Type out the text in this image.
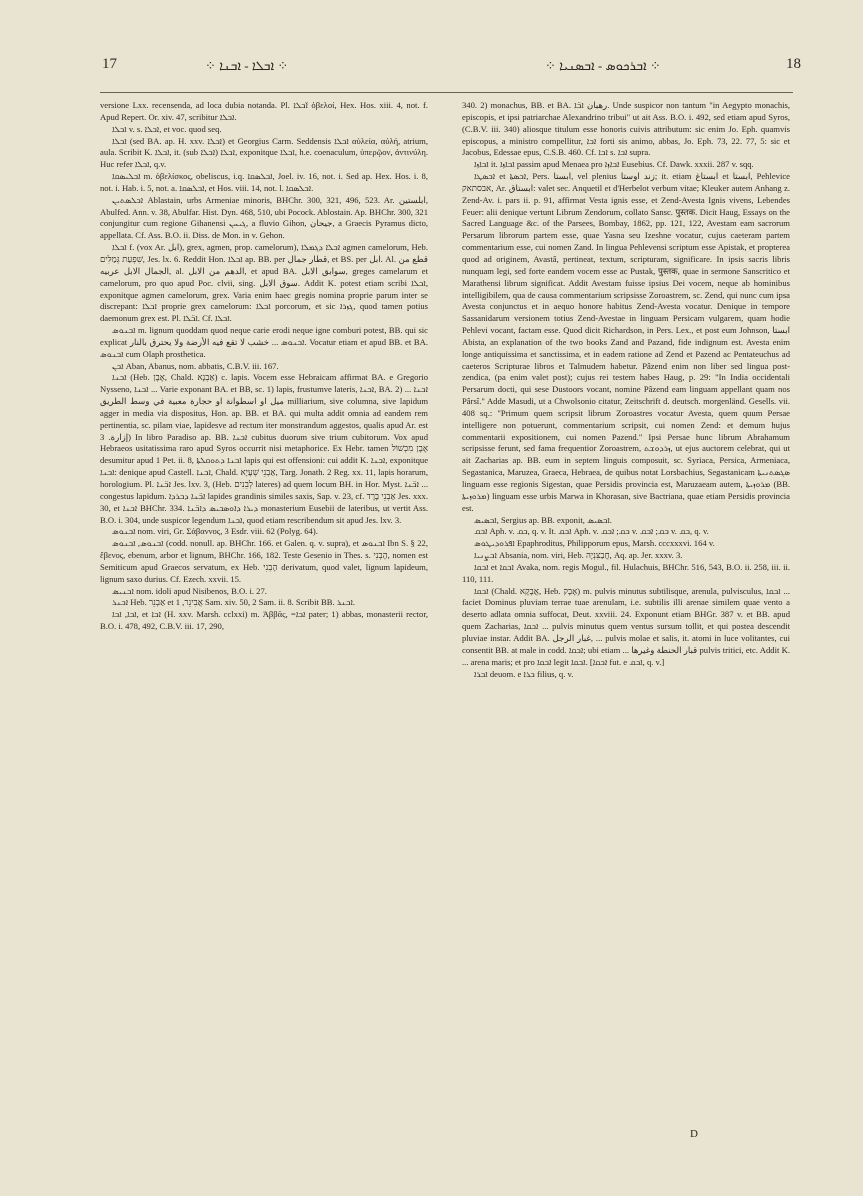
17	⁘ ܐܒܠܐ - ܐܒܢܐ ⁘	⁘ ܐܒܪܟܘܣ - ܐܒܣܢܝܐ ⁘	18

versione Lxx. recensenda, ad loca dubia notanda. Pl. ܐ̈ܒܠܐ ὀβελοί, Hex. Hos. xiii. 4, not. f. Apud Repert. Or. xiv. 47, scribitur ܐܒܠܐ.

ܐܒܠܐ v. s. ܐܒܠܐ, et voc. quod seq.

ܐܒܠܐ (sed BA. ap. H. xxv. ܐܒܠܐ) et Georgius Carm. Seddensis ܐܒܠܐ αὐλεία, αὐλή, atrium, aula. Scribit K. ܐܒܠܐ, it. (sub ܐܒܠܐ) ܐܒܠܐ, exponitque ܐܒܠܐ, h.e. coenaculum, ὑπερῷον, ἀντινύλη. Huc refer ܐܒܠܐ, q.v.

ܐܒܠܝܣܩܐ m. ὀβελίσκος, obeliscus, i.q. ܐܒܠܣܩܐ, Joel. iv. 16, not. i. Sed ap. Hex. Hos. i. 8, not. i. Hab. i. 5, not. a. ܐܒܠܣܩܐ, et Hos. viii. 14, not. l. ܐܒܠܣܩܐ.

ܐܒܠܣܬܝܢ Ablastain, urbs Armeniae minoris, BHChr. 300, 321, 496, 523. Ar. ابلستين, Abulfed. Ann. v. 38, Abulfar. Hist. Dyn. 468, 510, ubi Pocock. Ablostain. Ap. BHChr. 300, 321 conjungitur cum regione Gihanensi ܓܝܚܢ, a fluvio Gihon, جيحان, a Graecis Pyramus dicto, appellata. Cf. Ass. B.O. ii. Diss. de Mon. in v. Gehon.

ܐܒܠܐ f. (vox Ar. ابل), grex, agmen, prop. camelorum), ܐܒܠܐ ܕܓܡܠܐ agmen camelorum, Heb. שִׁפְעַת גְּמַלִּים, Jes. lx. 6. Reddit Hon. ܐܒܠܐ ap. BB. per قطار جمال, et BS. per ابل. Al. قطع من الجمال الابل عربيه, al. الدهم من الابل, et apud BA. سوابق الابل, greges camelarum et camelorum, pro quo apud Poc. clvii, sing. سوق الابل. Addit K. potest etiam scribi ܐܒܠܐ, exponitque agmen camelorum, grex. Varia enim haec gregis nomina proprie parum inter se discrepant: ܐܒܠܐ proprie grex camelorum: ܐܒܠܐ porcorum, et sic ܓܙܪܐ, quod tamen potius daemonum grex est. Pl. ܐܒ̈ܠܐ. Cf. ܐܒܠܐ.

ܐܒܢܘܣ m. lignum quoddam quod neque carie erodi neque igne comburi potest, BB. qui sic explicat ܐܒܢܘܣ ... خشب لا تقع فيه الأرضة ولا يحترق بالنار. Vocatur etiam et apud BB. et BA. ܐܒܢܘܣ cum Olaph prosthetica.

ܐܒܢ Aban, Abanus, nom. abbatis, C.B.V. iii. 167.

ܐܒܢܐ (Heb. אֶבֶן, Chald. אַבְנָא) c. lapis. Vocem esse Hebraicam affirmat BA. e Gregorio Nysseno, ܐܒܢܐ ... Varie exponant BA. et BB, sc. 1) lapis, frustumve lateris, ܐܒܢܐ, BA. 2) ܐܒܢܐ ... ميل او اسطوانة او حجارة معبية في وسط الطريق milliarium, sive columna, sive lapidum agger in media via dispositus, Hon. ap. BB. et BA. qui multa addit omnia ad eandem rem pertinentia, sc. pilam viae, lapidesve ad rectum iter monstrandum aggestos, qualis apud Ar. est إزارة. 3) In libro Paradiso ap. BB. ܐܒܢܐ cubitus duorum sive trium cubitorum. Vox apud Hebraeos usitatissima raro apud Syros occurrit nisi metaphorice. Ex Hebr. tamen אֶבֶן מִכְשׁוֹל desumitur apud 1 Pet. ii. 8, ܐܒܢܐ ܕܬܘܩܠܬܐ lapis qui est offensioni: cui addit K. ܐܒܢܐ, exponitque ܐܒܢܐ: denique apud Castell. ܐܒܢܐ, Chald. אַבְנֵי שְׁעָיָא, Targ. Jonath. 2 Reg. xx. 11, lapis horarum, horologium. Pl. ܐܒ̈ܢܐ Jes. lxv. 3, (Heb. לְבֵנִים lateres) ad quem locum BH. in Hor. Myst. ܐܒ̈ܢܐ ... congestus lapidum. ܐܒ̈ܢܐ ܕܒܪܕܐ lapides grandinis similes saxis, Sap. v. 23, cf. אַבְנֵי בָרָד Jes. xxx. 30, et ܐܒܢܐ BHChr. 334. ܕܝܪܐ ܕܐܘܣܒܝܣ ܕܐܒ̈ܢܐ monasterium Eusebii de lateribus, ut vertit Ass. B.O. i. 304, unde suspicor legendum ܐܒܢܐ, quod etiam rescribendum sit apud Jes. lxv. 3.

ܐܒܢܘܣ nom. viri, Gr. Σάβαννος, 3 Esdr. viii. 62 (Polyg. 64).

ܐܒܢܘܣ, ܐܒܢܘܣ (codd. nonull. ap. BHChr. 166. et Galen. q. v. supra), et ܐܒܢܘܣ Ibn S. § 22, ἔβενος, ebenum, arbor et lignum, BHChr. 166, 182. Teste Gesenio in Thes. s. הָבְנִי, nomen est Semiticum apud Graecos servatum, ex Heb. הָבְנִי derivatum, quod valet, lignum lapideum, lignum saxo durius. Cf. Ezech. xxvii. 15.

ܐܒܢܝܣ nom. idoli apud Nisibenos, B.O. i. 27.

ܐܒܢܪ Heb. אַבְנֵר et אֲבִינֵר, 1 Sam. xiv. 50, 2 Sam. ii. 8. Scribit BB. ܐܒܢܪ.

ܐܒܐ, ܐܒܐ, et ܐܒܐ (H. xxv. Marsh. cclxxi) m. Ἀββᾶς, =ܐܒܐ pater; 1) abbas, monasterii rector, B.O. i. 478, 492, C.B.V. iii. 17, 290,

340. 2) monachus, BB. et BA. رهبان ܐܒ̈ܐ. Unde suspicor non tantum "in Aegypto monachis, episcopis, et ipsi patriarchae Alexandrino tribui" ut ait Ass. B.O. i. 492, sed etiam apud Syros, (C.B.V. iii. 340) aliosque titulum esse honoris cuivis attributum: sic enim Jo. Eph. quamvis episcopus, a ministro compellitur, ܐܒܐ forti sis animo, abbas, Jo. Eph. 73, 22. 77, 5: sic et Jacobus, Edessae epus, C.S.B. 460. Cf. ܐܒܐ s. ܐܒܐ supra.

ܐܒܐܙܐ it. ܐܒܐܙܐ passim apud Menaea pro ܐܒܐܙܐ Eusebius. Cf. Dawk. xxxii. 287 v. sqq.

ܐܒܣܛܐ et ܐܒܣܬܐ, Pers. ابستا, vel plenius زند اوستا; it. etiam ابستاغ et ابستا, Pehlevice אבסתאק, Ar. ابستاق: valet sec. Anquetil et d'Herbelot verbum vitae; Kleuker autem Anhang z. Zend-Av. i. pars ii. p. 91, affirmat Vesta ignis esse, et Zend-Avesta Ignis vivens, Lebendes Feuer: alii denique vertunt Librum Zendorum, collato Sansc. पुस्तक. Dicit Haug, Essays on the Sacred Language &c. of the Parsees, Bombay, 1862, pp. 121, 122, Avestam eam sacrorum Persarum librorum partem esse, quae Yasna seu Izeshne vocatur, cujus caeteram partem commentarium esse, cui nomen Zand. In lingua Pehlevensi scriptum esse Apistak, et propterea quod ad originem, Avastâ, pertineat, textum, scripturam, significare. In ipsis sacris libris nunquam legi, sed forte eandem vocem esse ac Pustak, पुस्तक, quae in sermone Sanscritico et Marathensi librum significat. Addit Avestam fuisse ipsius Dei vocem, neque ab hominibus intelligibilem, qua de causa commentarium scripsisse Zoroastrem, sc. Zend, qui nunc cum ipsa Avesta conjunctus et in aequo honore habitus Zend-Avesta vocatur. Denique in tempore Sassanidarum versionem totius Zend-Avestae in linguam Persicam vulgarem, quam hodie Pehlevi vocant, factam esse. Quod dicit Richardson, in Pers. Lex., et post eum Johnson, ابستا Abista, an explanation of the two books Zand and Pazand, fide indignum est. Avesta enim longe antiquissima et sanctissima, et in eadem ratione ad Zend et Pazend ac Pentateuchus ad caeteros Scripturae libros et Talmudem habetur. Pâzend enim non liber sed lingua post-zendica, (pa enim valet post); cujus rei testem habes Haug, p. 29: "In India occidentali Persarum docti, qui sese Dustoors vocant, nomine Pâzend eam linguam appellant quam nos Pârsî." Adde Masudi, ut a Chwolsonio citatur, Zeitschrift d. deutsch. morgenländ. Gesells. vii. 408 sq.: "Primum quem scripsit librum Zoroastres vocatur Avesta, quem quum Persae intelligere non potuerunt, commentarium scripsit, cui nomen Zend: et demum hujus commentarii expositionem, cui nomen Pazend." Ipsi Persae hunc librum Abrahamum scripsisse ferunt, sed fama frequentior Zoroastrem, ܙܪܕܘܫܬ, ut ejus auctorem celebrat, qui ut ait Zacharias ap. BB. eum in septem linguis composuit, sc. Syriaca, Persica, Armeniaca, Segastanica, Maruzea, Graeca, Hebraea, de quibus notat Lorsbachius, Segastanicam ܣܓܣܬܢܝܬܐ linguam esse regionis Sigestan, quae Persidis provincia est, Maruzaeam autem, ܡܪܘܙܝܬܐ (BB. ܡܪܘܙܝܬܐ) linguam esse urbis Marwa in Khorasan, sive Bactriana, quae etiam Persidis provincia est.

ܐܒܣܝܣ, Sergius ap. BB. exponit, ܐܒܣܝܣ.

ܐܒܩ Aph. v. ܒܩ, q. v. It. ܐܒܩ Aph. v. ܒܩ; ܐܒܩ v. ܒܩ; ܐܒܩ v. ܒܩ, q. v.

ܐܦܪܘܕܝܛܘܣ Epaphroditus, Philipporum epus, Marsh. cccxxxvi. 164 v.

ܐܒܨܢܝܐ Absania, nom. viri, Heb. חֲבַצִּנְיָה, Aq. ap. Jer. xxxv. 3.

ܐܒܩܐ et ܐܒܩܐ Avaka, nom. regis Mogul., fil. Hulachuis, BHChr. 516, 543, B.O. ii. 258, iii. ii. 110, 111.

ܐܒܩܐ (Chald. אֲבָקָא, Heb. אָבָק) m. pulvis minutus subtilisque, arenula, pulvisculus, ܐܒܩܐ ... faciet Dominus pluviam terrae tuae arenulam, i.e. subtilis illi arenae similem quae vento a deserto adlata omnia suffocat, Deut. xxviii. 24. Exponunt etiam BHGr. 387 v. et BB. apud quem Zacharias, ܐܒܩܐ ... pulvis minutus quem ventus sursum tollit, et qui postea descendit pluviae instar. Addit BA. غبار الرجل, ... pulvis molae et salis, it. atomi in luce volitantes, cui consentit BB. at male in codd. ܐܒܩܐ; ubi etiam ... قبار الحنطة وغيرها pulvis tritici, etc. Addit K. ... arena maris; et pro ܐܒܩܐ legit ܐܒܩܐ. [ܐܒܩܐ fut. e ܐܒܩ, q. v.]

ܐܒܪܐ deuom. e ܒܪܐ filius, q. v.

D
